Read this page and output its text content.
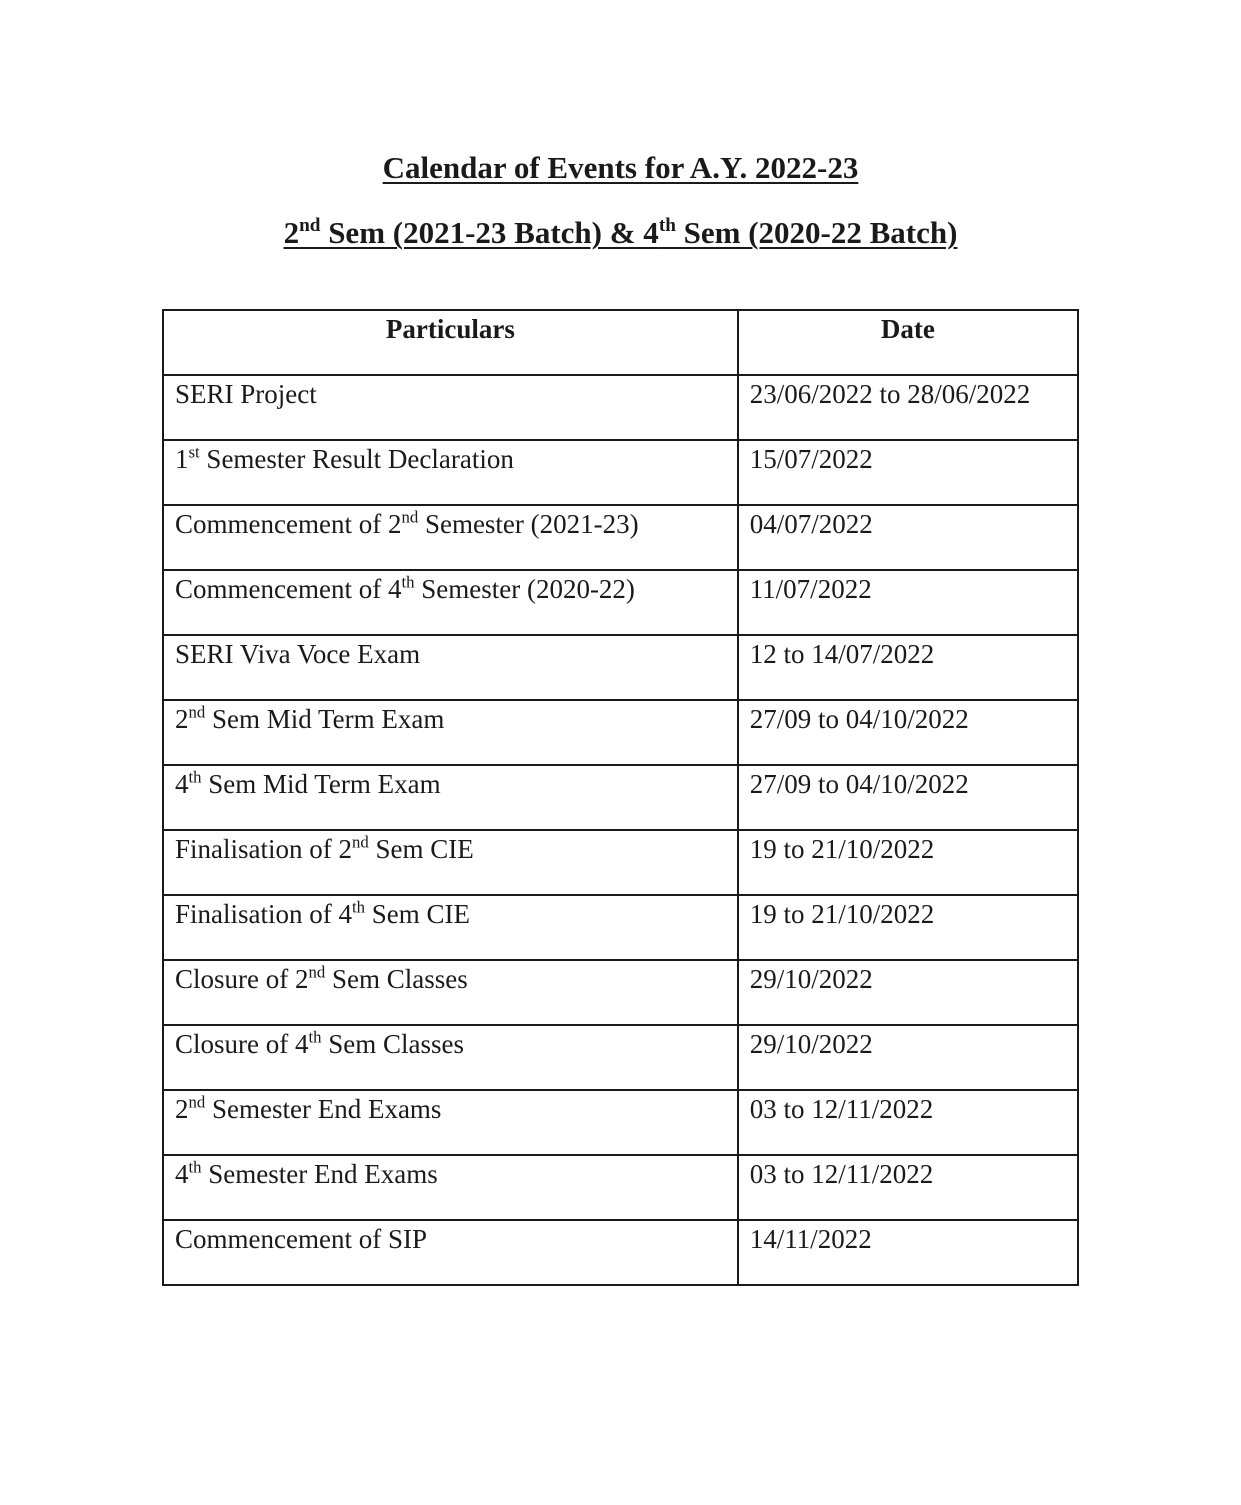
Calendar of Events for A.Y. 2022-23
2nd Sem (2021-23 Batch) & 4th Sem (2020-22 Batch)
Particulars	Date
SERI Project	23/06/2022 to 28/06/2022
1st Semester Result Declaration	15/07/2022
Commencement of 2nd Semester (2021-23)	04/07/2022
Commencement of 4th Semester (2020-22)	11/07/2022
SERI Viva Voce Exam	12 to 14/07/2022
2nd Sem Mid Term Exam	27/09 to 04/10/2022
4th Sem Mid Term Exam	27/09 to 04/10/2022
Finalisation of 2nd Sem CIE	19 to 21/10/2022
Finalisation of 4th Sem CIE	19 to 21/10/2022
Closure of 2nd Sem Classes	29/10/2022
Closure of 4th Sem Classes	29/10/2022
2nd Semester End Exams	03 to 12/11/2022
4th Semester End Exams	03 to 12/11/2022
Commencement of SIP	14/11/2022
